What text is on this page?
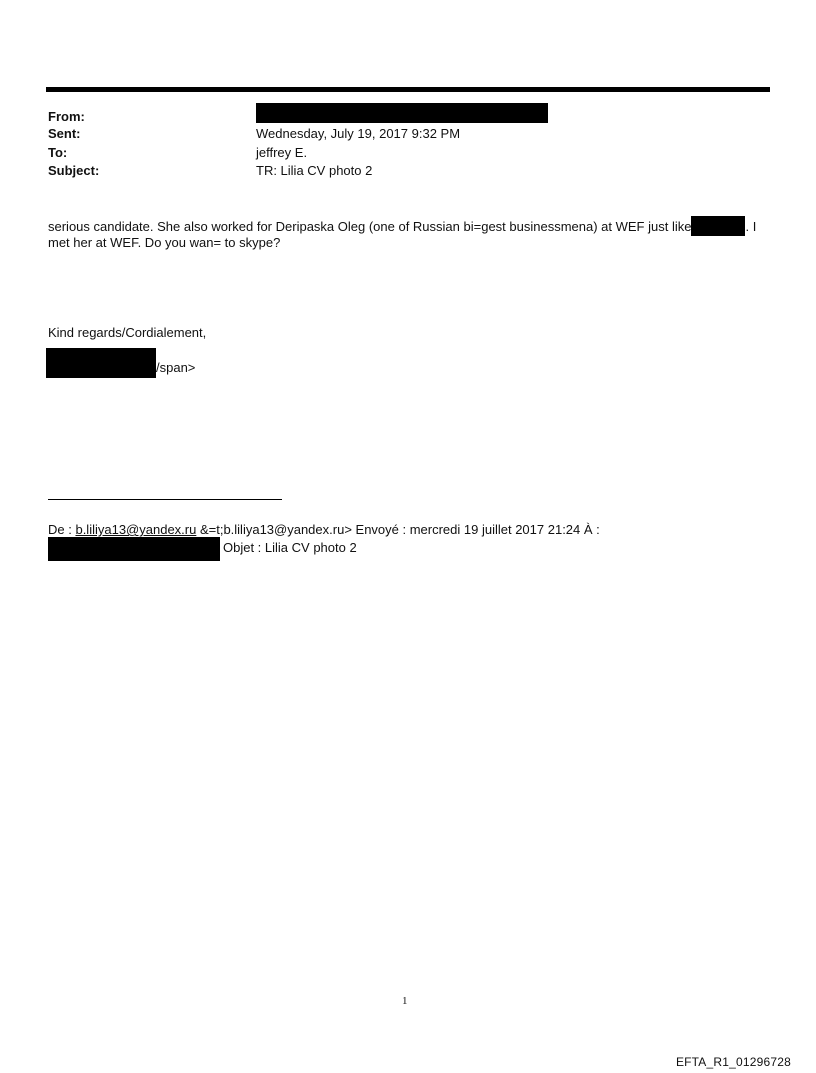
From:
Sent:	Wednesday, July 19, 2017 9:32 PM
To:	jeffrey E.
Subject:	TR: Lilia CV photo 2
serious candidate. She also worked for Deripaska Oleg (one of Russian bi=gest businessmena) at WEF just like	. I
met her at WEF. Do you wan= to skype?
Kind regards/Cordialement,
/span>
De : b.liliya13@yandex.ru &=t;b.liliya13@yandex.ru> Envoyé : mercredi 19 juillet 2017 21:24 À :
Objet : Lilia CV photo 2
1
EFTA_R1_01296728
